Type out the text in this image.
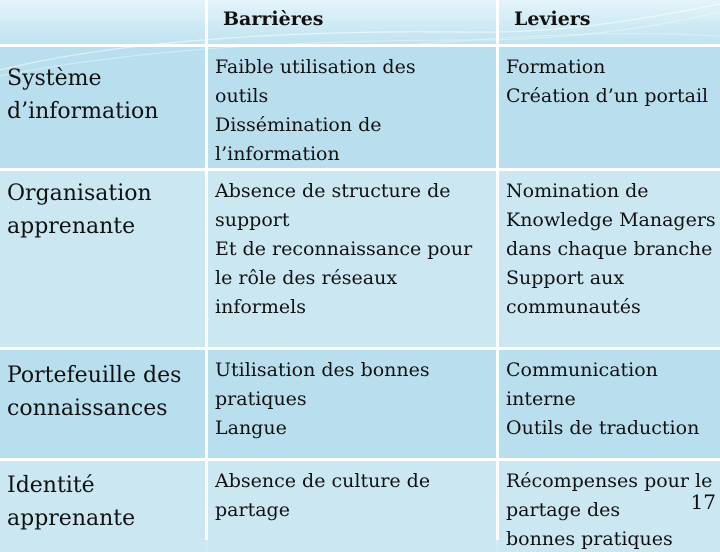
Barrières	Leviers
Système
d’information
Faible utilisation des
outils
Dissémination de
l’information
Formation
Création d’un portail
Organisation
apprenante
Absence de structure de
support
Et de reconnaissance pour
le rôle des réseaux
informels
Nomination de
Knowledge Managers
dans chaque branche
Support aux
communautés
Portefeuille des
connaissances
Utilisation des bonnes
pratiques
Langue
Communication
interne
Outils de traduction
Identité
apprenante
Absence de culture de
partage
Récompenses pour le
partage des
bonnes pratiques
17
